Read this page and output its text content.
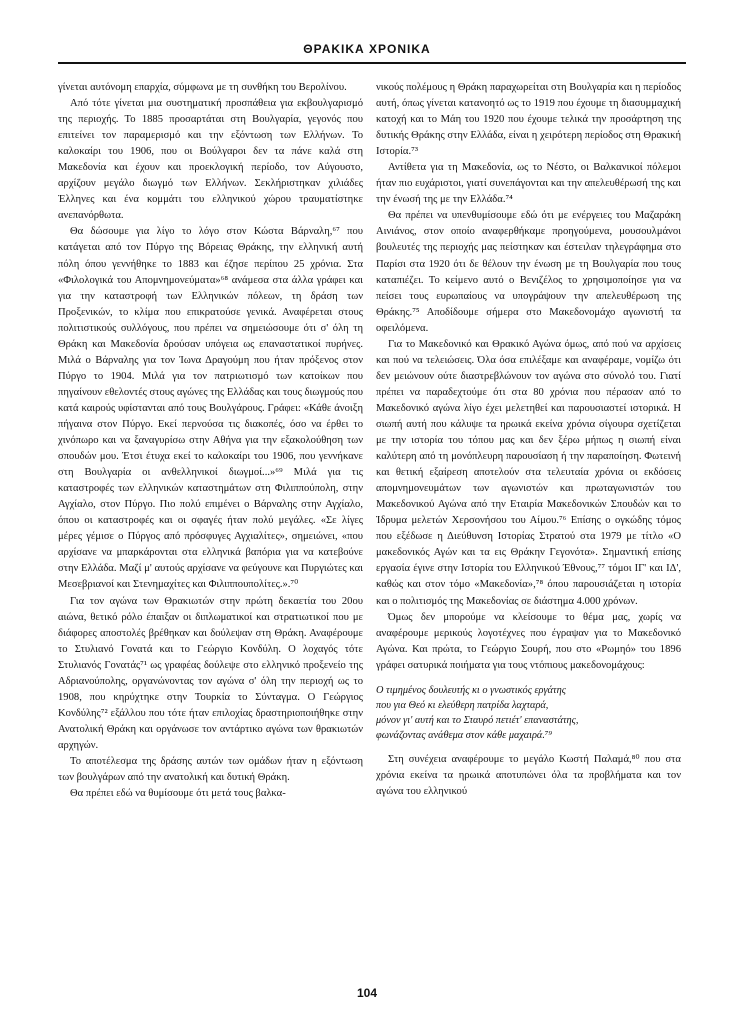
ΘΡΑΚΙΚΑ ΧΡΟΝΙΚΑ

γίνεται αυτόνομη επαρχία, σύμφωνα με τη συνθήκη του Βερολίνου.

Από τότε γίνεται μια συστηματική προσπάθεια για εκβουλγαρισμό της περιοχής. Το 1885 προσαρτάται στη Βουλγαρία, γεγονός που επιτείνει τον παραμερισμό και την εξόντωση των Ελλήνων. Το καλοκαίρι του 1906, που οι Βούλγαροι δεν τα πάνε καλά στη Μακεδονία και έχουν και προεκλογική περίοδο, τον Αύγουστο, αρχίζουν μεγάλο διωγμό των Ελλήνων. Σεκλήριστηκαν χιλιάδες Έλληνες και ένα κομμάτι του ελληνικού χώρου τραυματίστηκε ανεπανόρθωτα.

Θα δώσουμε για λίγο το λόγο στον Κώστα Βάρναλη,⁶⁷ που κατάγεται από τον Πύργο της Βόρειας Θράκης, την ελληνική αυτή πόλη όπου γεννήθηκε το 1883 και έζησε περίπου 25 χρόνια. Στα «Φιλολογικά του Απομνημονεύματα»⁶⁸ ανάμεσα στα άλλα γράφει και για την καταστροφή των Ελληνικών πόλεων, τη δράση των Προξενικών, το κλίμα που επικρατούσε γενικά. Αναφέρεται στους πολιτιστικούς συλλόγους, που πρέπει να σημειώσουμε ότι σ' όλη τη Θράκη και Μακεδονία δρούσαν υπόγεια ως επαναστατικοί πυρήνες. Μιλά ο Βάρναλης για τον Ίωνα Δραγούμη που ήταν πρόξενος στον Πύργο το 1904. Μιλά για τον πατριωτισμό των κατοίκων που πηγαίνουν εθελοντές στους αγώνες της Ελλάδας και τους διωγμούς που κατά καιρούς υφίστανται από τους Βουλγάρους. Γράφει: «Κάθε άνοιξη πήγαινα στον Πύργο. Εκεί περνούσα τις διακοπές, όσο να έρθει το χινόπωρο και να ξαναγυρίσω στην Αθήνα για την εξακολούθηση των σπουδών μου. Έτσι έτυχα εκεί το καλοκαίρι του 1906, που γεννήκανε στη Βουλγαρία οι ανθελληνικοί διωγμοί...»⁶⁹ Μιλά για τις καταστροφές των ελληνικών καταστημάτων στη Φιλιππούπολη, στην Αγχίαλο, στον Πύργο. Πιο πολύ επιμένει ο Βάρναλης στην Αγχίαλο, όπου οι καταστροφές και οι σφαγές ήταν πολύ μεγάλες. «Σε λίγες μέρες γέμισε ο Πύργος από πρόσφυγες Αγχιαλίτες», σημειώνει, «που αρχίσανε να μπαρκάρονται στα ελληνικά βαπόρια για να κατεβούνε στην Ελλάδα. Μαζί μ' αυτούς αρχίσανε να φεύγουνε και Πυργιώτες και Μεσεβριανοί και Στενημαχίτες και Φιλιππουπολίτες.».⁷⁰

Για τον αγώνα των Θρακιωτών στην πρώτη δεκαετία του 20ου αιώνα, θετικό ρόλο έπαιξαν οι διπλωματικοί και στρατιωτικοί που με διάφορες αποστολές βρέθηκαν και δούλεψαν στη Θράκη. Αναφέρουμε το Στυλιανό Γονατά και το Γεώργιο Κονδύλη. Ο λοχαγός τότε Στυλιανός Γονατάς⁷¹ ως γραφέας δούλεψε στο ελληνικό προξενείο της Αδριανούπολης, οργανώνοντας τον αγώνα σ' όλη την περιοχή ως το 1908, που κηρύχτηκε στην Τουρκία το Σύνταγμα. Ο Γεώργιος Κονδύλης⁷² εξάλλου που τότε ήταν επιλοχίας δραστηριοποιήθηκε στην Ανατολική Θράκη και οργάνωσε τον αντάρτικο αγώνα των θρακιωτών αρχηγών.

Το αποτέλεσμα της δράσης αυτών των ομάδων ήταν η εξόντωση των βουλγάρων από την ανατολική και δυτική Θράκη.

Θα πρέπει εδώ να θυμίσουμε ότι μετά τους βαλκα-

νικούς πολέμους η Θράκη παραχωρείται στη Βουλγαρία και η περίοδος αυτή, όπως γίνεται κατανοητό ως το 1919 που έχουμε τη διασυμμαχική κατοχή και το Μάη του 1920 που έχουμε τελικά την προσάρτηση της δυτικής Θράκης στην Ελλάδα, είναι η χειρότερη περίοδος στη Θρακική Ιστορία.⁷³

Αντίθετα για τη Μακεδονία, ως το Νέστο, οι Βαλκανικοί πόλεμοι ήταν πιο ευχάριστοι, γιατί συνεπάγονται και την απελευθέρωσή της και την ένωσή της με την Ελλάδα.⁷⁴

Θα πρέπει να υπενθυμίσουμε εδώ ότι με ενέργειες του Μαζαράκη Αινιάνος, στον οποίο αναφερθήκαμε προηγούμενα, μουσουλμάνοι βουλευτές της περιοχής μας πείστηκαν και έστειλαν τηλεγράφημα στο Παρίσι στα 1920 ότι δε θέλουν την ένωση με τη Βουλγαρία που τους καταπιέζει. Το κείμενο αυτό ο Βενιζέλος το χρησιμοποίησε για να πείσει τους ευρωπαίους να υπογράψουν την απελευθέρωση της Θράκης.⁷⁵ Αποδίδουμε σήμερα στο Μακεδονομάχο αγωνιστή τα οφειλόμενα.

Για το Μακεδονικό και Θρακικό Αγώνα όμως, από πού να αρχίσεις και πού να τελειώσεις. Όλα όσα επιλέξαμε και αναφέραμε, νομίζω ότι δεν μειώνουν ούτε διαστρεβλώνουν τον αγώνα στο σύνολό του. Γιατί πρέπει να παραδεχτούμε ότι στα 80 χρόνια που πέρασαν από το Μακεδονικό αγώνα λίγο έχει μελετηθεί και παρουσιαστεί ιστορικά. Η σιωπή αυτή που κάλυψε τα ηρωικά εκείνα χρόνια σίγουρα σχετίζεται με την ιστορία του τόπου μας και δεν ξέρω μήπως η σιωπή είναι καλύτερη από τη μονόπλευρη παρουσίαση ή την παραποίηση. Φωτεινή και θετική εξαίρεση αποτελούν στα τελευταία χρόνια οι εκδόσεις απομνημονευμάτων των αγωνιστών και πρωταγωνιστών του Μακεδονικού Αγώνα από την Εταιρία Μακεδονικών Σπουδών και το Ίδρυμα μελετών Χερσονήσου του Αίμου.⁷⁶ Επίσης ο ογκώδης τόμος που εξέδωσε η Διεύθυνση Ιστορίας Στρατού στα 1979 με τίτλο «Ο μακεδονικός Αγών και τα εις Θράκην Γεγονότα». Σημαντική επίσης εργασία έγινε στην Ιστορία του Ελληνικού Έθνους,⁷⁷ τόμοι ΙΓ' και ΙΔ', καθώς και στον τόμο «Μακεδονία»,⁷⁸ όπου παρουσιάζεται η ιστορία και ο πολιτισμός της Μακεδονίας σε διάστημα 4.000 χρόνων.

Όμως δεν μπορούμε να κλείσουμε το θέμα μας, χωρίς να αναφέρουμε μερικούς λογοτέχνες που έγραψαν για το Μακεδονικό Αγώνα. Και πρώτα, το Γεώργιο Σουρή, που στο «Ρωμηό» του 1896 γράφει σατυρικά ποιήματα για τους ντόπιους μακεδονομάχους:

Ο τιμημένος δουλευτής κι ο γνωστικός εργάτης
που για Θεό κι ελεύθερη πατρίδα λαχταρά,
μόνον γι' αυτή και το Σταυρό πετιέτ' επαναστάτης,
φωνάζοντας ανάθεμα στον κάθε μαχαιρά.⁷⁹

Στη συνέχεια αναφέρουμε το μεγάλο Κωστή Παλαμά,⁸⁰ που στα χρόνια εκείνα τα ηρωικά αποτυπώνει όλα τα προβλήματα και τον αγώνα του ελληνικού

104
